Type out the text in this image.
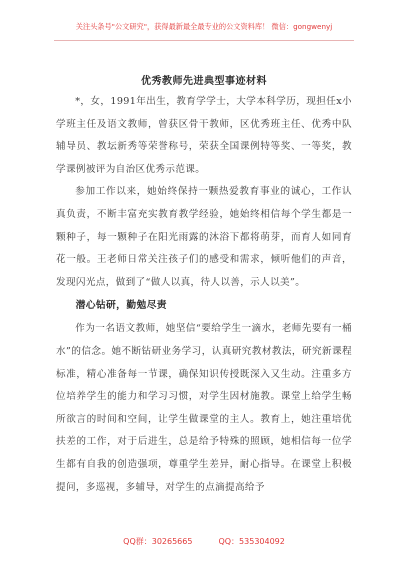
关注头条号"公文研究"，获得最新最全最专业的公文资料库！ 微信：gongwenyj
优秀教师先进典型事迹材料

*，女，1991年出生，教育学学士，大学本科学历，现担任x小学班主任及语文教师，曾获区骨干教师，区优秀班主任、优秀中队辅导员、教坛新秀等荣誉称号，荣获全国课例特等奖、一等奖，教学课例被评为自治区优秀示范课。

参加工作以来，她始终保持一颗热爱教育事业的诚心，工作认真负责，不断丰富充实教育教学经验，她始终相信每个学生都是一颗种子，每一颗种子在阳光雨露的沐浴下都将萌芽，而育人如同育花一般。王老师日常关注孩子们的感受和需求，倾听他们的声音，发现闪光点，做到了“做人以真，待人以善，示人以美”。

潜心钻研，勤勉尽责

作为一名语文教师，她坚信“要给学生一滴水，老师先要有一桶水”的信念。她不断钻研业务学习，认真研究教材教法，研究新课程标准，精心准备每一节课，确保知识传授既深入又生动。注重多方位培养学生的能力和学习习惯，对学生因材施教。课堂上给学生畅所欲言的时间和空间，让学生做课堂的主人。教育上，她注重培优扶差的工作，对于后进生，总是给予特殊的照顾，她相信每一位学生都有自我的创造强项，尊重学生差异，耐心指导。在课堂上积极提问，多巡视，多辅导，对学生的点滴提高给予

QQ群：30265665	QQ：535304092
